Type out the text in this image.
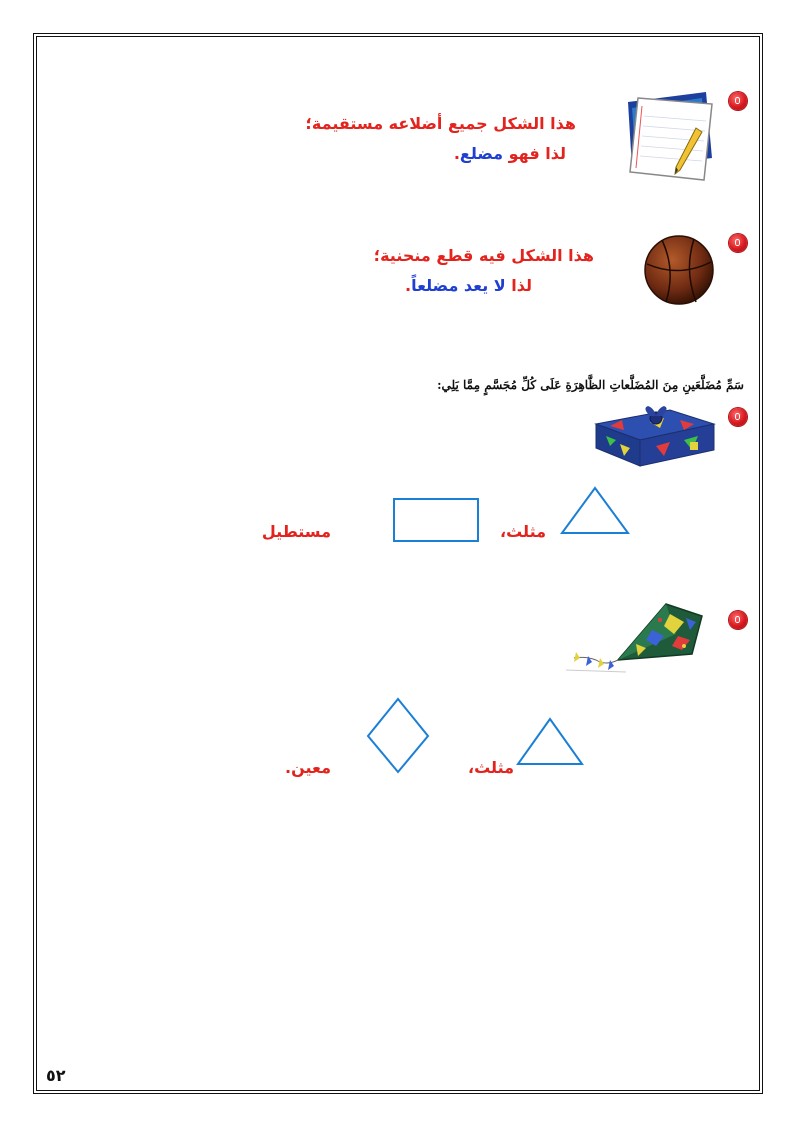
هذا الشكل جميع أضلاعه مستقيمة؛
لذا فهو مضلع.
هذا الشكل فيه قطع منحنية؛
لذا لا يعد مضلعاً.
سَمِّ مُضَلَّعَينِ مِنَ المُضَلَّعاتِ الظَّاهِرَةِ عَلَى كُلِّ مُجَسَّمٍ مِمَّا يَلِي:
مثلث،
مستطيل
مثلث،
معين.
٥٢
